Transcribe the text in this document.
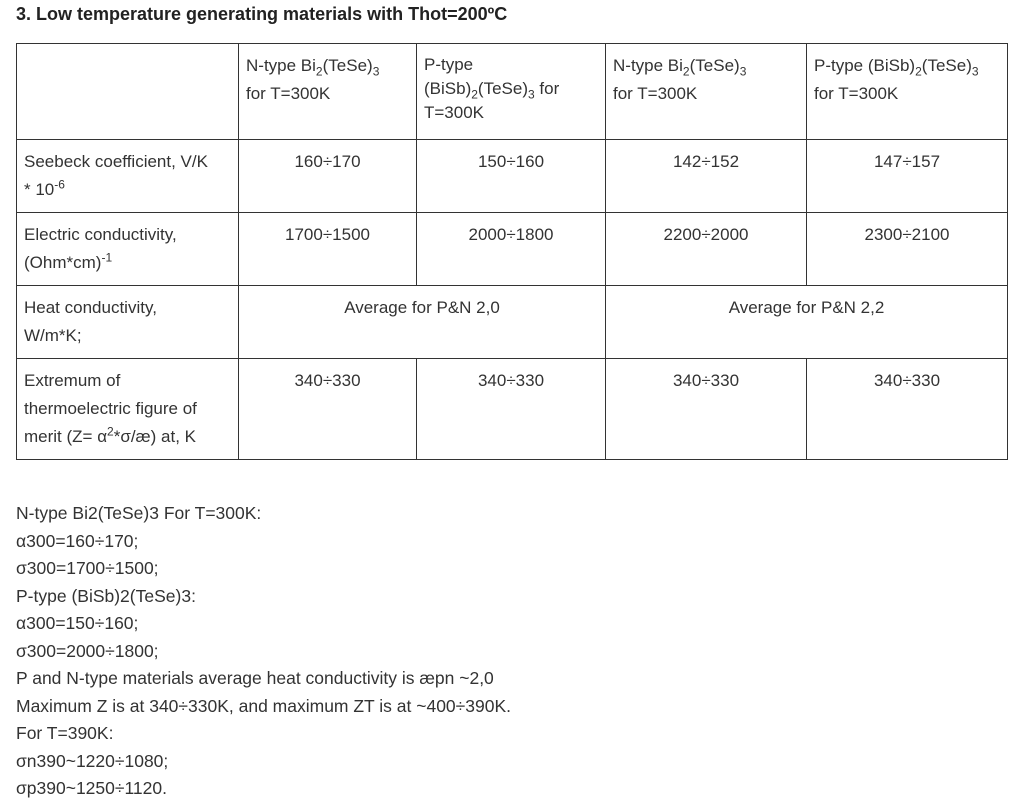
3. Low temperature generating materials with Thot=200ºC
	N-type $Bi_2(TeSe)_3$
for T=300K	P-type
$(BiSb)_2(TeSe)_3$ for
T=300K	N-type $Bi_2(TeSe)_3$
for T=300K	P-type $(BiSb)_2(TeSe)_3$
for T=300K
Seebeck coefficient, V/K
* $10^{-6}$	160÷170	150÷160	142÷152	147÷157
Electric conductivity,
$(Ohm*cm)^{-1}$	1700÷1500	2000÷1800	2200÷2000	2300÷2100
Heat conductivity,
W/m*K;	Average for P&N 2,0		Average for P&N 2,2	
Extremum of
thermoelectric figure of
merit $(Z= \alpha^2*\sigma/æ)$ at, K	340÷330	340÷330	340÷330	340÷330
N-type Bi2(TeSe)3 For T=300K:
α300=160÷170;
σ300=1700÷1500;
P-type (BiSb)2(TeSe)3:
α300=150÷160;
σ300=2000÷1800;
P and N-type materials average heat conductivity is æpn ~2,0
Maximum Z is at 340÷330K, and maximum ZT is at ~400÷390K.
For T=390K:
σn390~1220÷1080;
σp390~1250÷1120.
